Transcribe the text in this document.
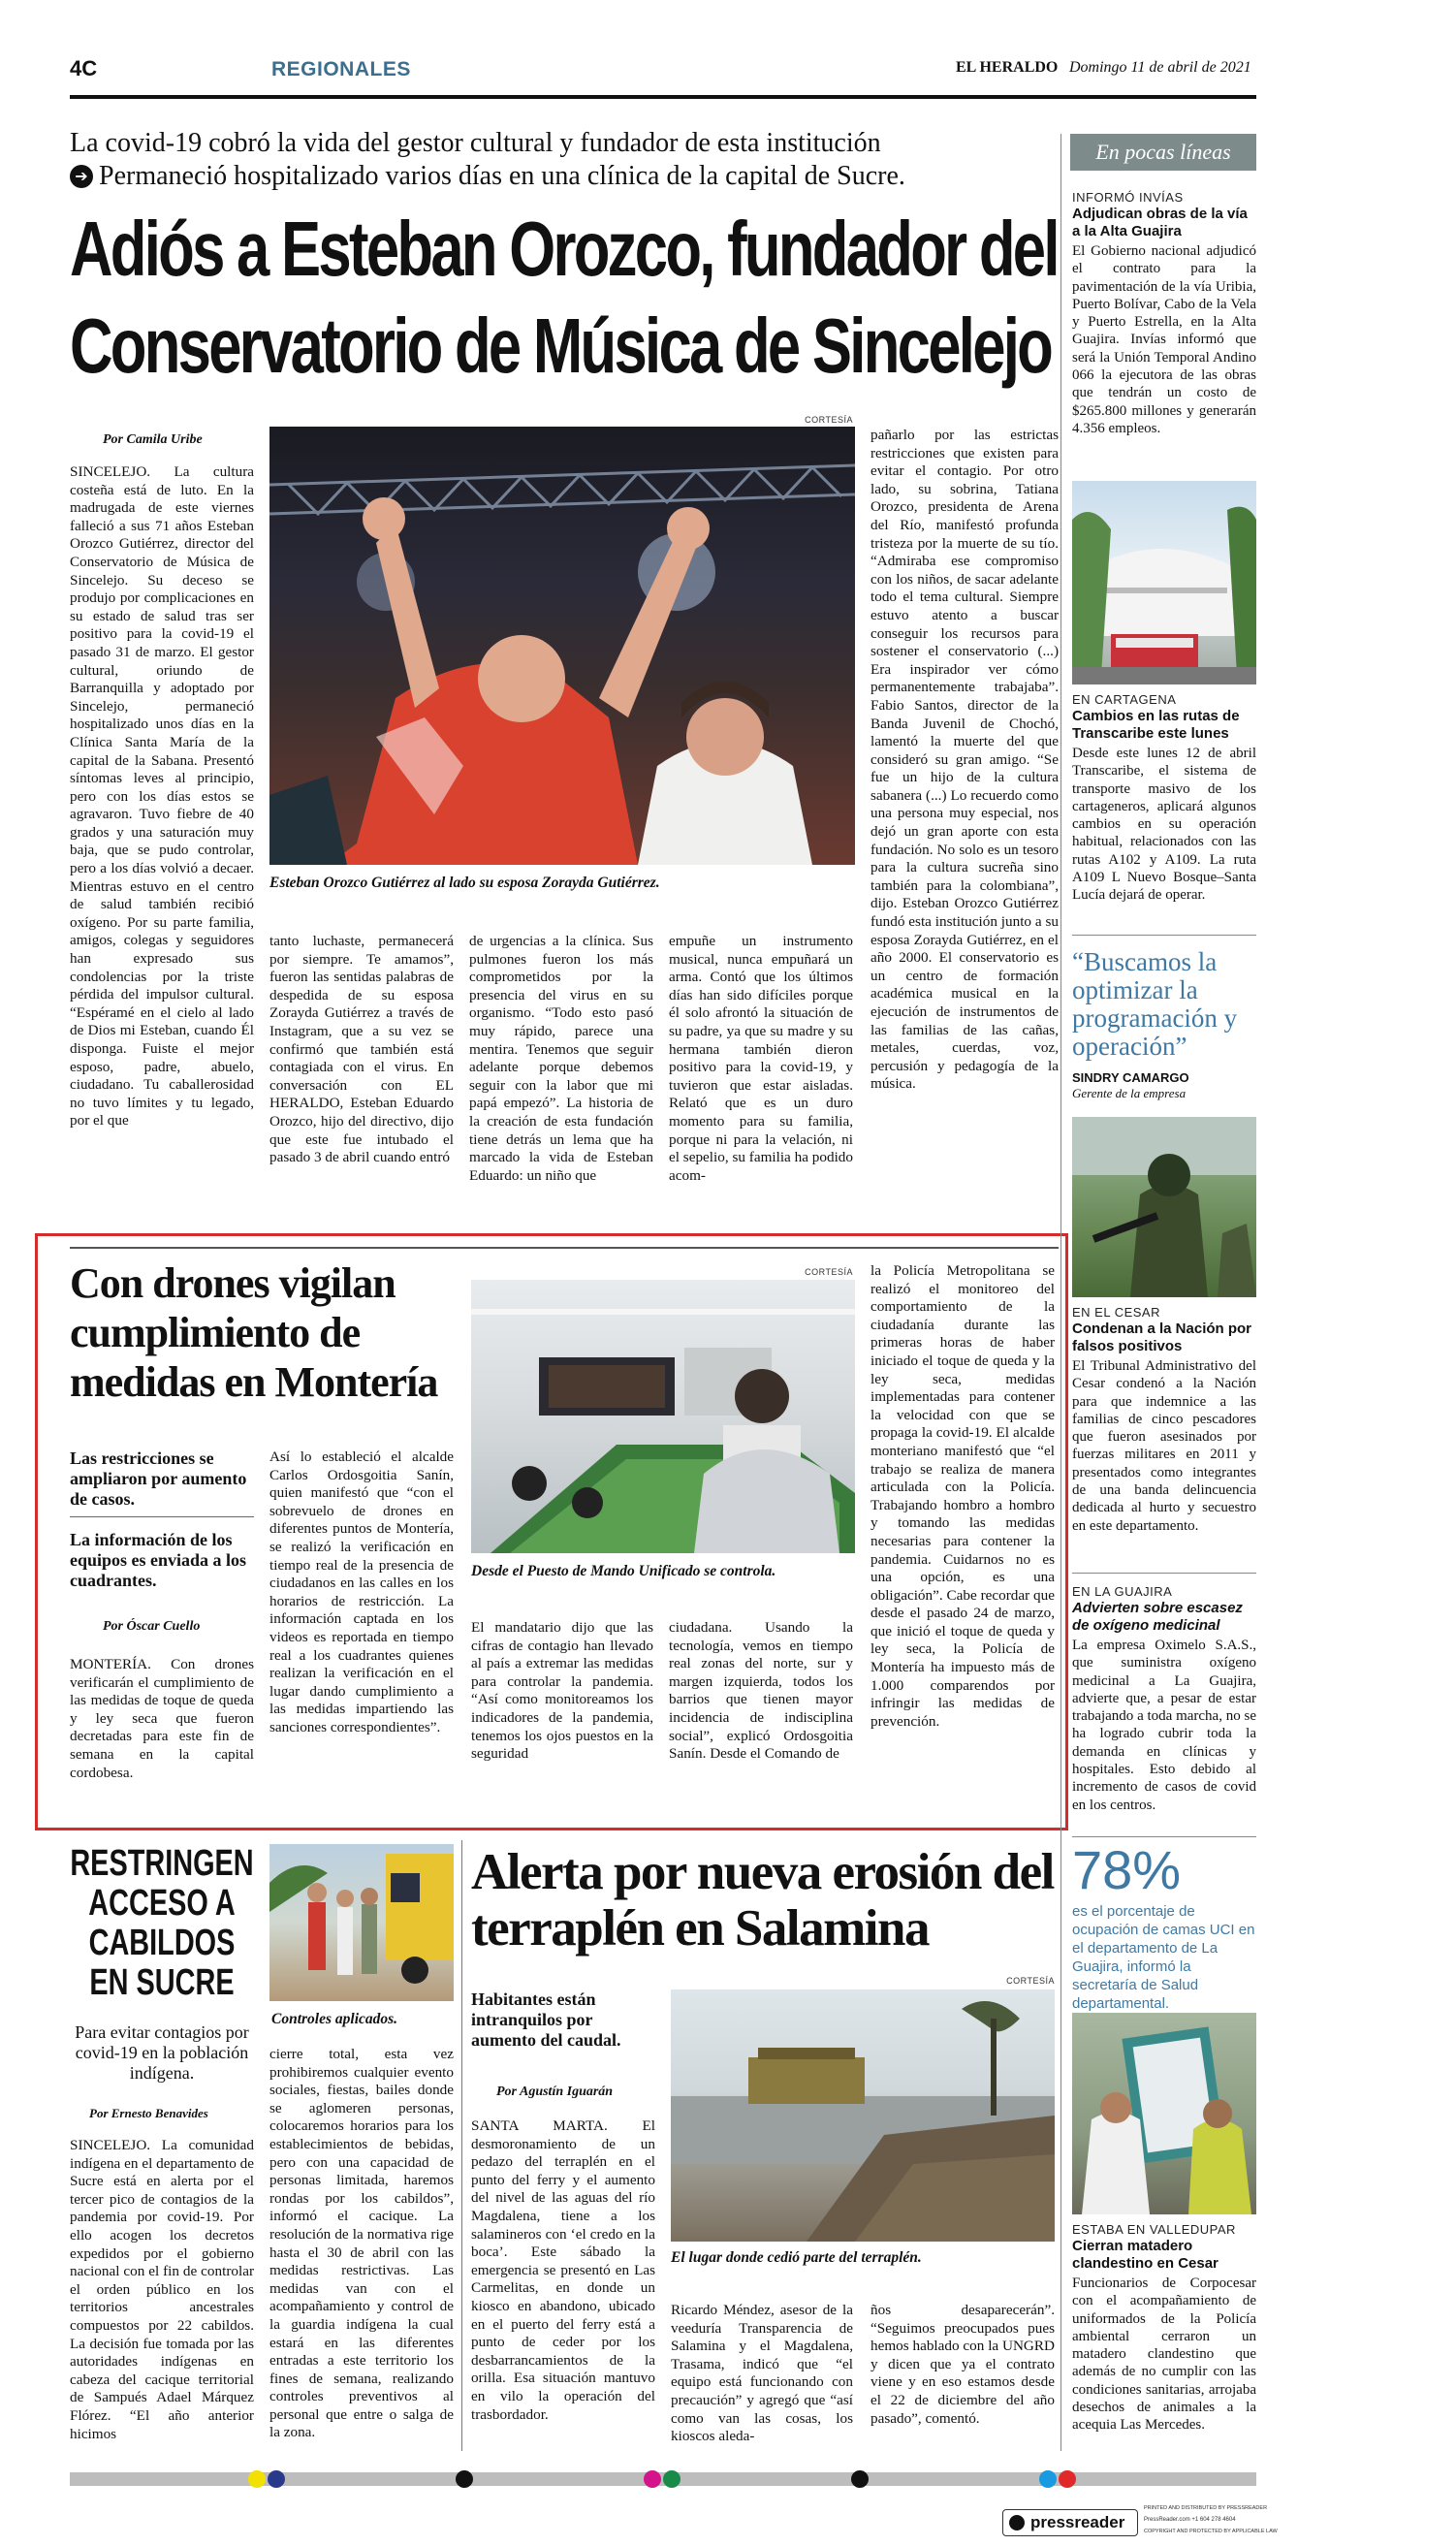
4C	REGIONALES	EL HERALDO Domingo 11 de abril de 2021
La covid-19 cobró la vida del gestor cultural y fundador de esta institución
➔ Permaneció hospitalizado varios días en una clínica de la capital de Sucre.
Adiós a Esteban Orozco, fundador del
Conservatorio de Música de Sincelejo
Por Camila Uribe
SINCELEJO. La cultura costeña está de luto. En la madrugada de este viernes falleció a sus 71 años Esteban Orozco Gutiérrez, director del Conservatorio de Música de Sincelejo. Su deceso se produjo por complicaciones en su estado de salud tras ser positivo para la covid-19 el pasado 31 de marzo. El gestor cultural, oriundo de Barranquilla y adoptado por Sincelejo, permaneció hospitalizado unos días en la Clínica Santa María de la capital de la Sabana. Presentó síntomas leves al principio, pero con los días estos se agravaron. Tuvo fiebre de 40 grados y una saturación muy baja, que se pudo controlar, pero a los días volvió a decaer. Mientras estuvo en el centro de salud también recibió oxígeno. Por su parte familia, amigos, colegas y seguidores han expresado sus condolencias por la triste pérdida del impulsor cultural. “Espéramé en el cielo al lado de Dios mi Esteban, cuando Él disponga. Fuiste el mejor esposo, padre, abuelo, ciudadano. Tu caballerosidad no tuvo límites y tu legado, por el que
CORTESÍA
Esteban Orozco Gutiérrez al lado su esposa Zorayda Gutiérrez.
tanto luchaste, permanecerá por siempre. Te amamos”, fueron las sentidas palabras de despedida de su esposa Zorayda Gutiérrez a través de Instagram, que a su vez se confirmó que también está contagiada con el virus. En conversación con EL HERALDO, Esteban Eduardo Orozco, hijo del directivo, dijo que este fue intubado el pasado 3 de abril cuando entró
de urgencias a la clínica. Sus pulmones fueron los más comprometidos por la presencia del virus en su organismo. “Todo esto pasó muy rápido, parece una mentira. Tenemos que seguir adelante porque debemos seguir con la labor que mi papá empezó”. La historia de la creación de esta fundación tiene detrás un lema que ha marcado la vida de Esteban Eduardo: un niño que
empuñe un instrumento musical, nunca empuñará un arma. Contó que los últimos días han sido difíciles porque él solo afrontó la situación de su padre, ya que su madre y su hermana también dieron positivo para la covid-19, y tuvieron que estar aisladas. Relató que es un duro momento para su familia, porque ni para la velación, ni el sepelio, su familia ha podido acom-
pañarlo por las estrictas restricciones que existen para evitar el contagio. Por otro lado, su sobrina, Tatiana Orozco, presidenta de Arena del Río, manifestó profunda tristeza por la muerte de su tío. “Admiraba ese compromiso con los niños, de sacar adelante todo el tema cultural. Siempre estuvo atento a buscar conseguir los recursos para sostener el conservatorio (...) Era inspirador ver cómo permanentemente trabajaba”. Fabio Santos, director de la Banda Juvenil de Chochó, lamentó la muerte del que consideró su gran amigo. “Se fue un hijo de la cultura sabanera (...) Lo recuerdo como una persona muy especial, nos dejó un gran aporte con esta fundación. No solo es un tesoro para la cultura sucreña sino también para la colombiana”, dijo. Esteban Orozco Gutiérrez fundó esta institución junto a su esposa Zorayda Gutiérrez, en el año 2000. El conservatorio es un centro de formación académica musical en la ejecución de instrumentos de las familias de las cañas, metales, cuerdas, voz, percusión y pedagogía de la música.
Con drones vigilan cumplimiento de medidas en Montería
Las restricciones se ampliaron por aumento de casos.
La información de los equipos es enviada a los cuadrantes.
Por Óscar Cuello
MONTERÍA. Con drones verificarán el cumplimiento de las medidas de toque de queda y ley seca que fueron decretadas para este fin de semana en la capital cordobesa.
Así lo estableció el alcalde Carlos Ordosgoitia Sanín, quien manifestó que “con el sobrevuelo de drones en diferentes puntos de Montería, se realizó la verificación en tiempo real de la presencia de ciudadanos en las calles en los horarios de restricción. La información captada en los videos es reportada en tiempo real a los cuadrantes quienes realizan la verificación en el lugar dando cumplimiento a las medidas impartiendo las sanciones correspondientes”.
CORTESÍA
Desde el Puesto de Mando Unificado se controla.
El mandatario dijo que las cifras de contagio han llevado al país a extremar las medidas para controlar la pandemia. “Así como monitoreamos los indicadores de la pandemia, tenemos los ojos puestos en la seguridad
ciudadana. Usando la tecnología, vemos en tiempo real zonas del norte, sur y margen izquierda, todos los barrios que tienen mayor incidencia de indisciplina social”, explicó Ordosgoitia Sanín. Desde el Comando de
la Policía Metropolitana se realizó el monitoreo del comportamiento de la ciudadanía durante las primeras horas de haber iniciado el toque de queda y la ley seca, medidas implementadas para contener la velocidad con que se propaga la covid-19. El alcalde monteriano manifestó que “el trabajo se realiza de manera articulada con la Policía. Trabajando hombro a hombro y tomando las medidas necesarias para contener la pandemia. Cuidarnos no es una opción, es una obligación”. Cabe recordar que desde el pasado 24 de marzo, que inició el toque de queda y ley seca, la Policía de Montería ha impuesto más de 1.000 comparendos por infringir las medidas de prevención.
RESTRINGEN ACCESO A CABILDOS EN SUCRE
Para evitar contagios por covid-19 en la población indígena.
Por Ernesto Benavides
SINCELEJO. La comunidad indígena en el departamento de Sucre está en alerta por el tercer pico de contagios de la pandemia por covid-19. Por ello acogen los decretos expedidos por el gobierno nacional con el fin de controlar el orden público en los territorios ancestrales compuestos por 22 cabildos. La decisión fue tomada por las autoridades indígenas en cabeza del cacique territorial de Sampués Adael Márquez Flórez. “El año anterior hicimos
Controles aplicados.
cierre total, esta vez prohibiremos cualquier evento sociales, fiestas, bailes donde se aglomeren personas, colocaremos horarios para los establecimientos de bebidas, pero con una capacidad de personas limitada, haremos rondas por los cabildos”, informó el cacique. La resolución de la normativa rige hasta el 30 de abril con las medidas restrictivas. Las medidas van con el acompañamiento y control de la guardia indígena la cual estará en las diferentes entradas a este territorio los fines de semana, realizando controles preventivos al personal que entre o salga de la zona.
Alerta por nueva erosión del terraplén en Salamina
Habitantes están intranquilos por aumento del caudal.
Por Agustín Iguarán
SANTA MARTA. El desmoronamiento de un pedazo del terraplén en el punto del ferry y el aumento del nivel de las aguas del río Magdalena, tiene a los salamineros con ‘el credo en la boca’. Este sábado la emergencia se presentó en Las Carmelitas, en donde un kiosco en abandono, ubicado en el puerto del ferry está a punto de ceder por los desbarrancamientos de la orilla. Esa situación mantuvo en vilo la operación del trasbordador.
CORTESÍA
El lugar donde cedió parte del terraplén.
Ricardo Méndez, asesor de la veeduría Transparencia de Salamina y el Magdalena, Trasama, indicó que “el equipo está funcionando con precaución” y agregó que “así como van las cosas, los kioscos aleda-
ños desaparecerán”. “Seguimos preocupados pues hemos hablado con la UNGRD y dicen que ya el contrato viene y en eso estamos desde el 22 de diciembre del año pasado”, comentó.
En pocas líneas
INFORMÓ INVÍAS
Adjudican obras de la vía a la Alta Guajira
El Gobierno nacional adjudicó el contrato para la pavimentación de la vía Uribia, Puerto Bolívar, Cabo de la Vela y Puerto Estrella, en la Alta Guajira. Invías informó que será la Unión Temporal Andino 066 la ejecutora de las obras que tendrán un costo de $265.800 millones y generarán 4.356 empleos.
EN CARTAGENA
Cambios en las rutas de Transcaribe este lunes
Desde este lunes 12 de abril Transcaribe, el sistema de transporte masivo de los cartageneros, aplicará algunos cambios en su operación habitual, relacionados con las rutas A102 y A109. La ruta A109 L Nuevo Bosque–Santa Lucía dejará de operar.
“Buscamos la optimizar la programación y operación”
SINDRY CAMARGO
Gerente de la empresa
EN EL CESAR
Condenan a la Nación por falsos positivos
El Tribunal Administrativo del Cesar condenó a la Nación para que indemnice a las familias de cinco pescadores que fueron asesinados por fuerzas militares en 2011 y presentados como integrantes de una banda delincuencia dedicada al hurto y secuestro en este departamento.
EN LA GUAJIRA
Advierten sobre escasez de oxígeno medicinal
La empresa Oximelo S.A.S., que suministra oxígeno medicinal a La Guajira, advierte que, a pesar de estar trabajando a toda marcha, no se ha logrado cubrir toda la demanda en clínicas y hospitales. Esto debido al incremento de casos de covid en los centros.
78%
es el porcentaje de ocupación de camas UCI en el departamento de La Guajira, informó la secretaría de Salud departamental.
ESTABA EN VALLEDUPAR
Cierran matadero clandestino en Cesar
Funcionarios de Corpocesar con el acompañamiento de uniformados de la Policía ambiental cerraron un matadero clandestino que además de no cumplir con las condiciones sanitarias, arrojaba desechos de animales a la acequia Las Mercedes.
PRINTED AND DISTRIBUTED BY PRESSREADER
pressreader	PressReader.com +1 604 278 4604
COPYRIGHT AND PROTECTED BY APPLICABLE LAW
